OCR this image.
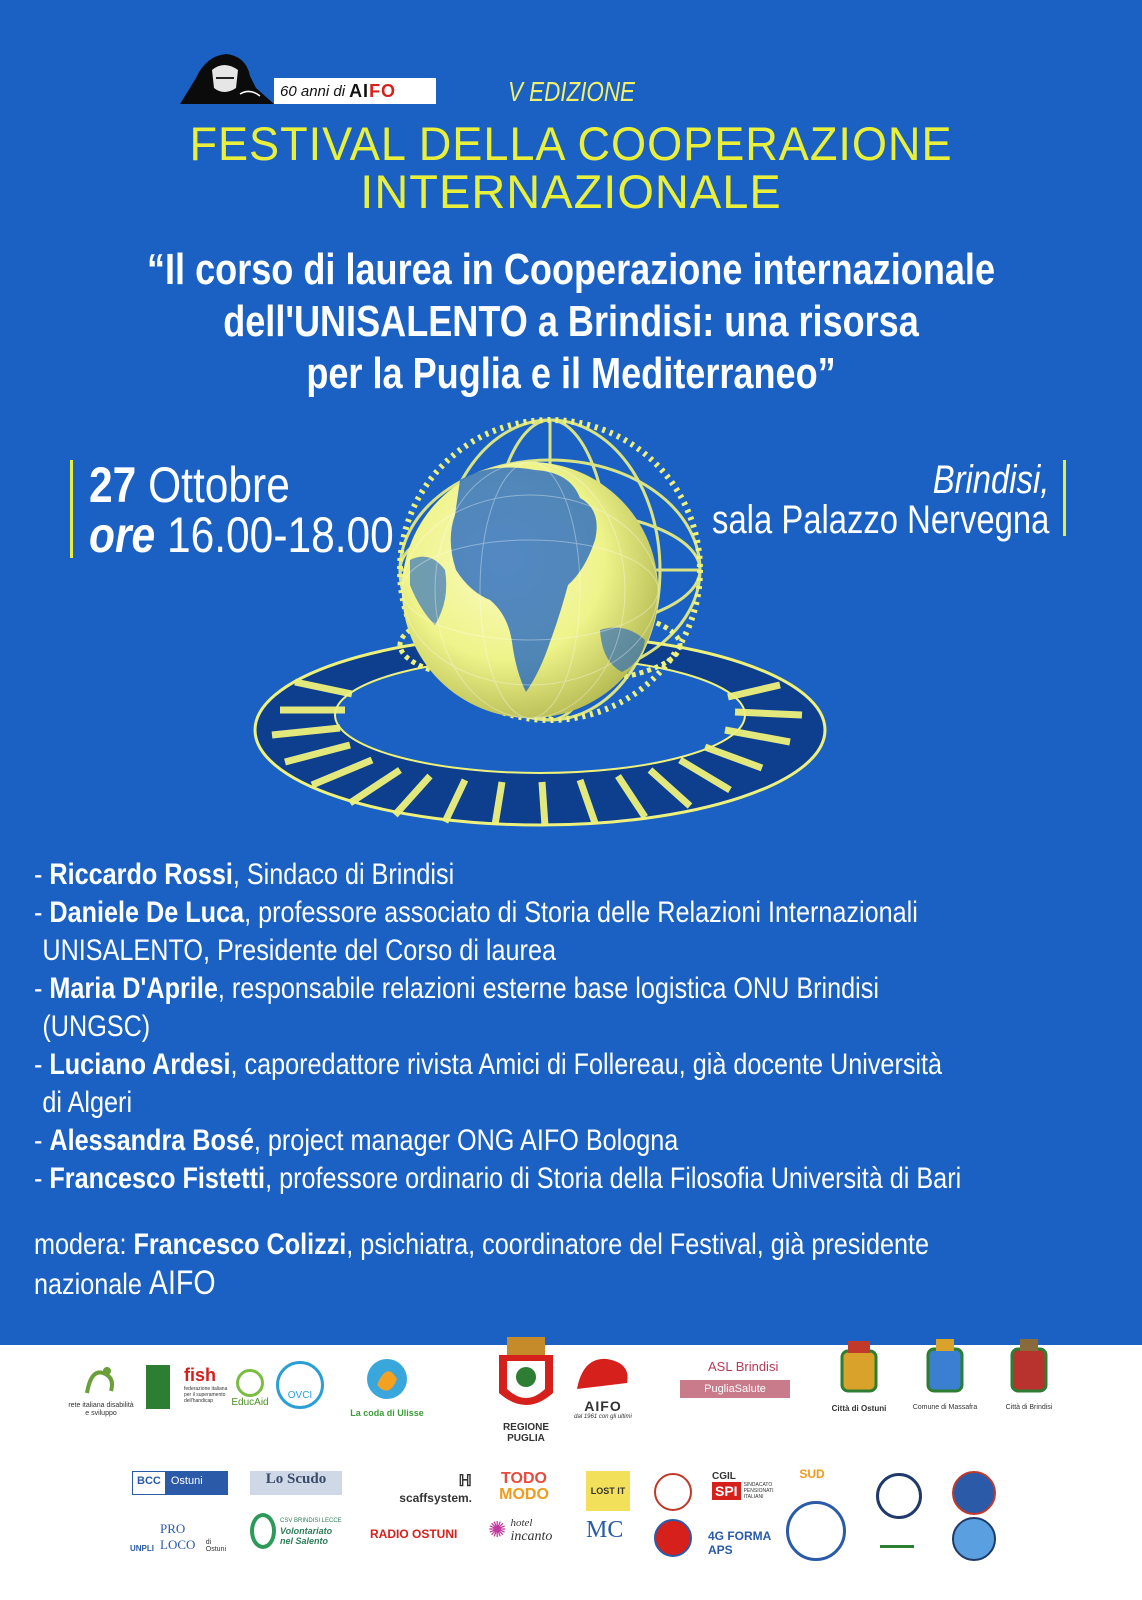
60 anni di AIFO	V EDIZIONE
FESTIVAL DELLA COOPERAZIONE
INTERNAZIONALE
“Il corso di laurea in Cooperazione internazionale
dell'UNISALENTO a Brindisi: una risorsa
per la Puglia e il Mediterraneo”
27 Ottobre
ore 16.00-18.00
Brindisi,
sala Palazzo Nervegna
- Riccardo Rossi, Sindaco di Brindisi
- Daniele De Luca, professore associato di Storia delle Relazioni Internazionali
UNISALENTO, Presidente del Corso di laurea
- Maria D'Aprile, responsabile relazioni esterne base logistica ONU Brindisi
(UNGSC)
- Luciano Ardesi, caporedattore rivista Amici di Follereau, già docente Università
di Algeri
- Alessandra Bosé, project manager ONG AIFO Bologna
- Francesco Fistetti, professore ordinario di Storia della Filosofia Università di Bari
modera: Francesco Colizzi, psichiatra, coordinatore del Festival, già presidente
nazionale AIFO
rete italiana disabilità e sviluppo
fish
federazione italiana per il superamento dell'handicap	EducAid
OVCI
La coda di Ulisse
REGIONE PUGLIA
AIFO
dal 1961 con gli ultimi
ASL Brindisi
PugliaSalute
Città di Ostuni	Comune di Massafra	Città di Brindisi
BCC Ostuni	Lo Scudo	ℍ
scaffsystem.
TODO
MODO	LOST IT
CGIL
SPI	SINDACATO PENSIONATI ITALIANI
SUD
UNPLI
PRO LOCO	di Ostuni
CSV BRINDISI LECCE
Volontariato nel Salento	RADIO OSTUNI	✺ hotel
incanto MC	4G FORMA APS
